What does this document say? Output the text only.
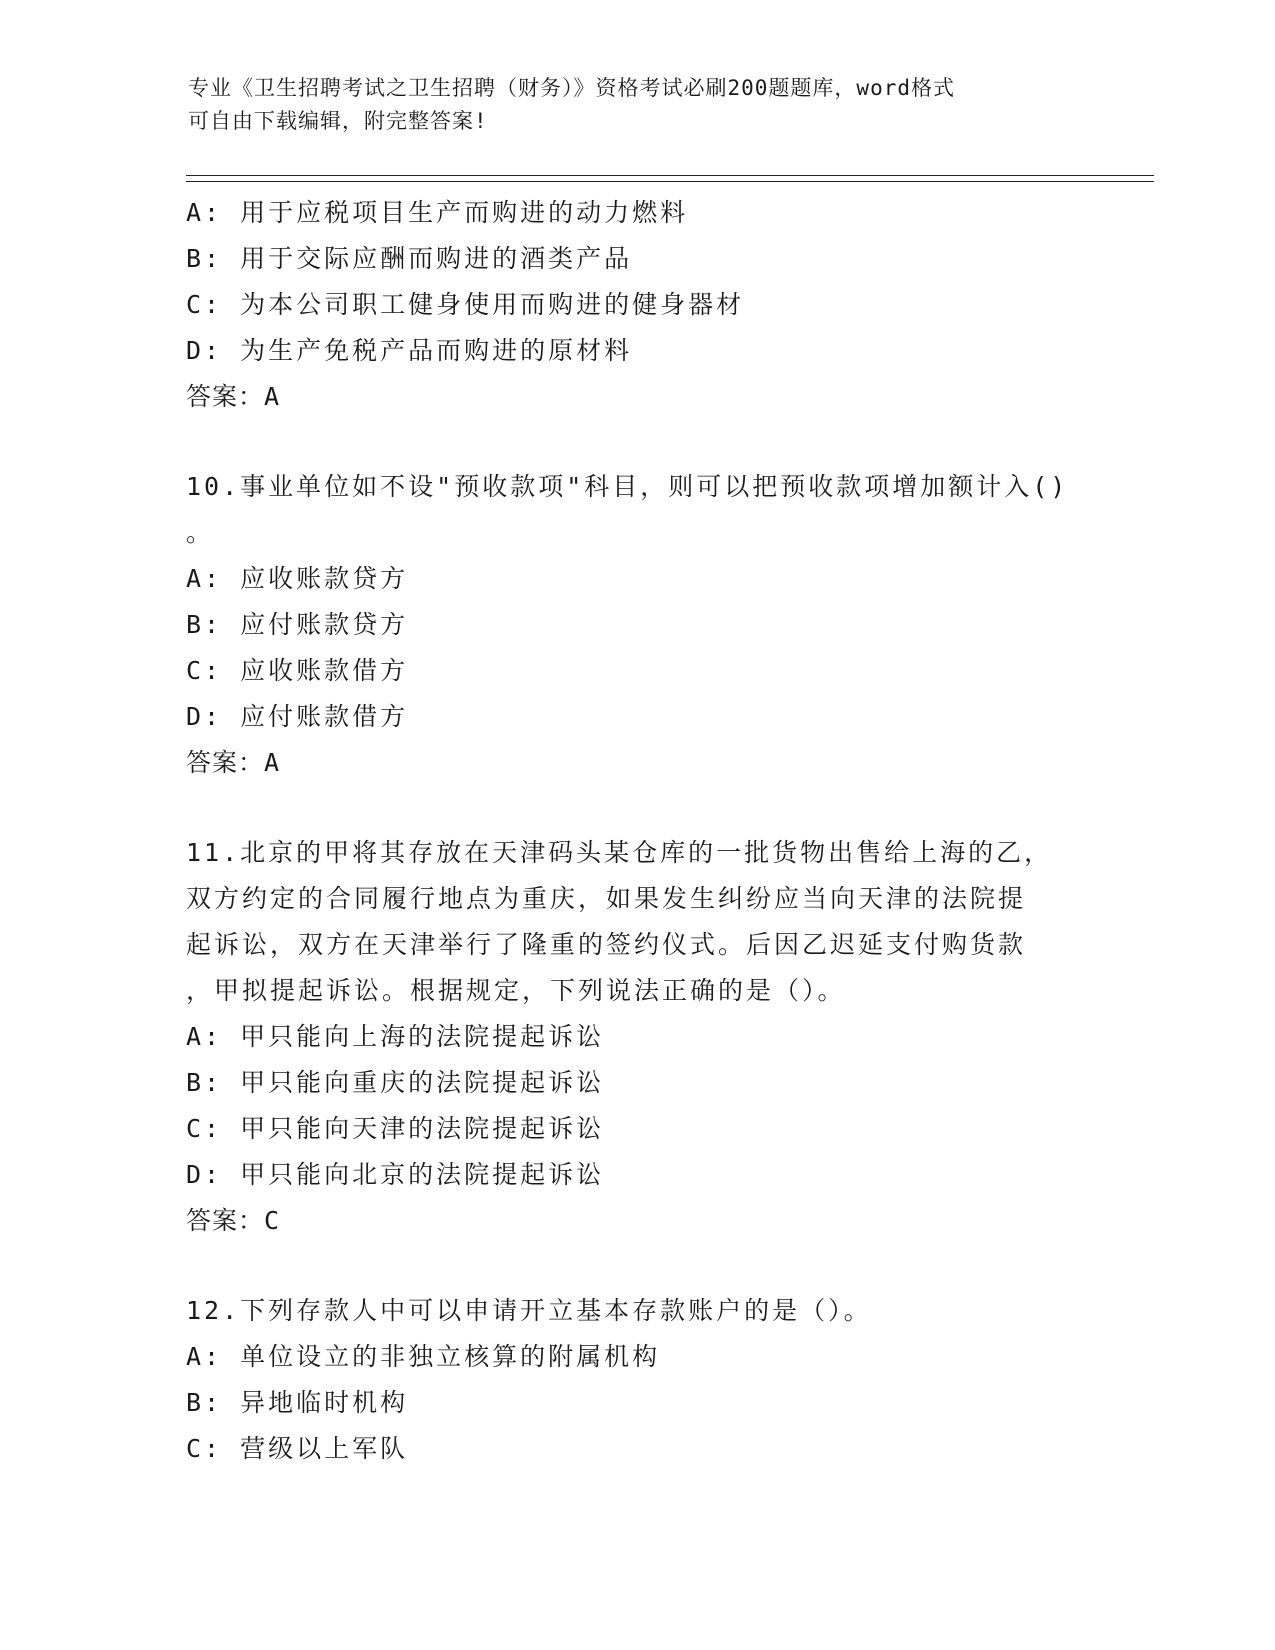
专业《卫生招聘考试之卫生招聘（财务）》资格考试必刷200题题库，word格式
可自由下载编辑，附完整答案!
A: 用于应税项目生产而购进的动力燃料
B: 用于交际应酬而购进的酒类产品
C: 为本公司职工健身使用而购进的健身器材
D: 为生产免税产品而购进的原材料
答案：A
10.事业单位如不设"预收款项"科目，则可以把预收款项增加额计入()
。
A: 应收账款贷方
B: 应付账款贷方
C: 应收账款借方
D: 应付账款借方
答案：A
11.北京的甲将其存放在天津码头某仓库的一批货物出售给上海的乙，
双方约定的合同履行地点为重庆，如果发生纠纷应当向天津的法院提
起诉讼，双方在天津举行了隆重的签约仪式。后因乙迟延支付购货款
，甲拟提起诉讼。根据规定，下列说法正确的是（）。
A: 甲只能向上海的法院提起诉讼
B: 甲只能向重庆的法院提起诉讼
C: 甲只能向天津的法院提起诉讼
D: 甲只能向北京的法院提起诉讼
答案：C
12.下列存款人中可以申请开立基本存款账户的是（）。
A: 单位设立的非独立核算的附属机构
B: 异地临时机构
C: 营级以上军队
